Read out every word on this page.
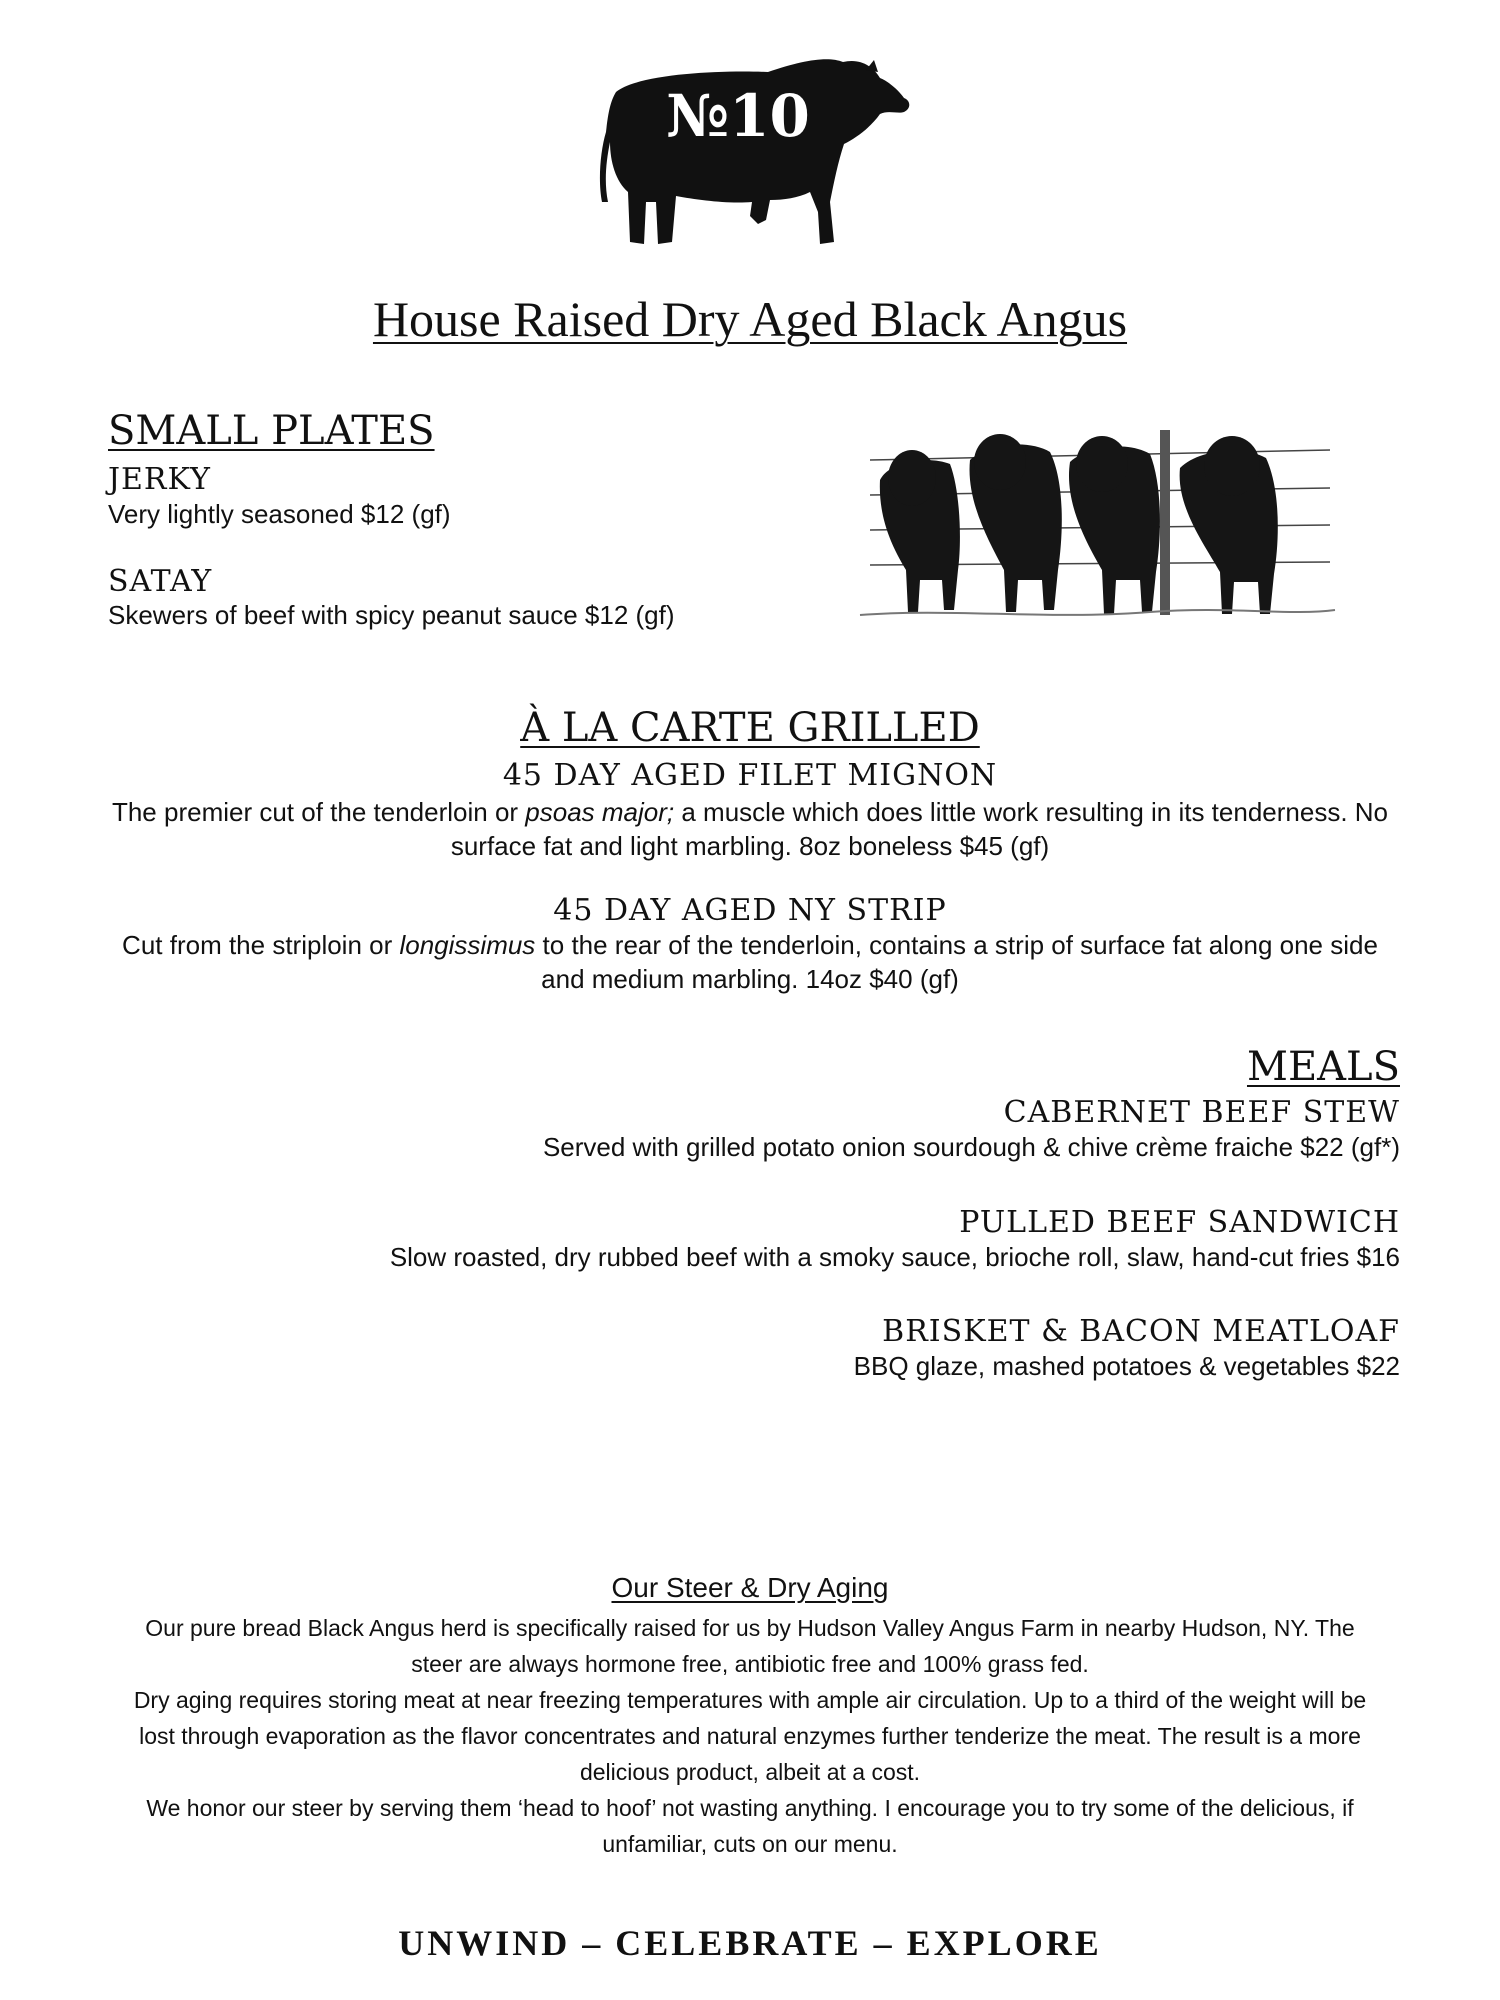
№10
House Raised Dry Aged Black Angus
SMALL PLATES
JERKY
Very lightly seasoned $12 (gf)
SATAY
Skewers of beef with spicy peanut sauce $12 (gf)
À LA CARTE GRILLED
45 DAY AGED FILET MIGNON
The premier cut of the tenderloin or psoas major; a muscle which does little work resulting in its tenderness. No surface fat and light marbling. 8oz boneless $45 (gf)
45 DAY AGED NY STRIP
Cut from the striploin or longissimus to the rear of the tenderloin, contains a strip of surface fat along one side and medium marbling. 14oz $40 (gf)
MEALS
CABERNET BEEF STEW
Served with grilled potato onion sourdough & chive crème fraiche $22 (gf*)
PULLED BEEF SANDWICH
Slow roasted, dry rubbed beef with a smoky sauce, brioche roll, slaw, hand-cut fries $16
BRISKET & BACON MEATLOAF
BBQ glaze, mashed potatoes & vegetables $22
Our Steer & Dry Aging
Our pure bread Black Angus herd is specifically raised for us by Hudson Valley Angus Farm in nearby Hudson, NY. The steer are always hormone free, antibiotic free and 100% grass fed.
Dry aging requires storing meat at near freezing temperatures with ample air circulation. Up to a third of the weight will be lost through evaporation as the flavor concentrates and natural enzymes further tenderize the meat. The result is a more delicious product, albeit at a cost.
We honor our steer by serving them ‘head to hoof’ not wasting anything. I encourage you to try some of the delicious, if unfamiliar, cuts on our menu.
UNWIND – CELEBRATE – EXPLORE
